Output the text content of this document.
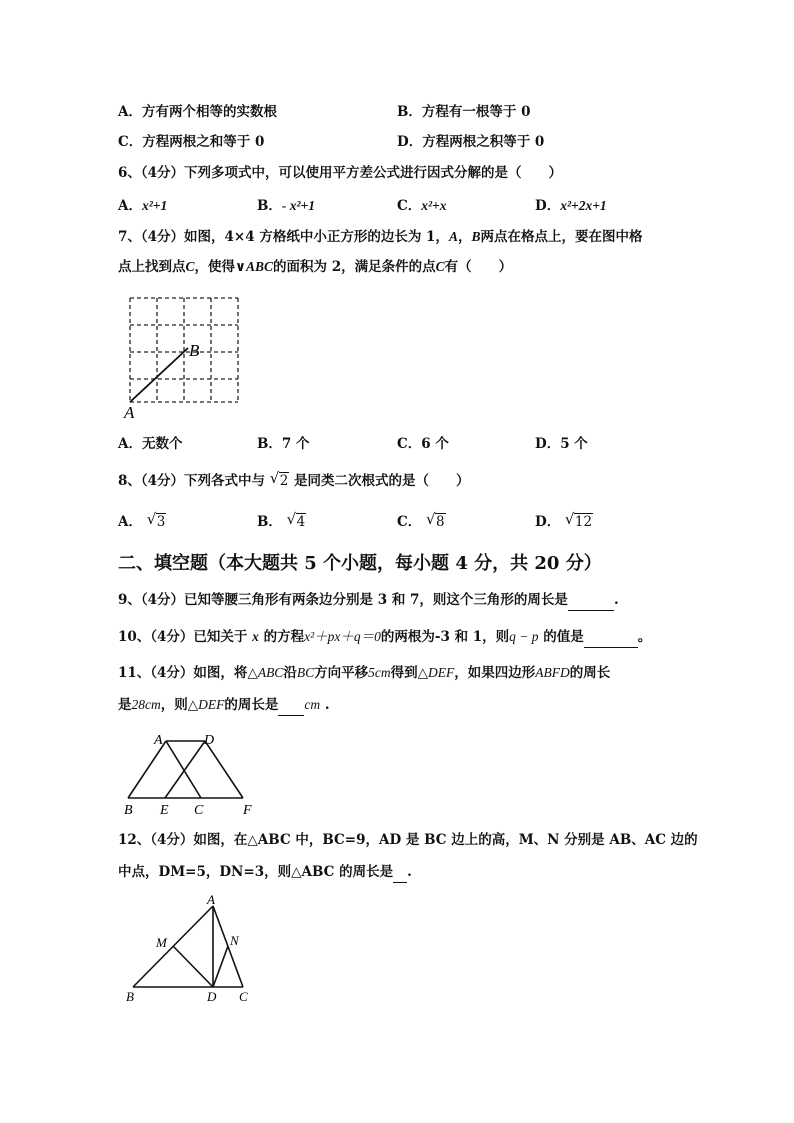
A．方有两个相等的实数根	B．方程有一根等于 0
C．方程两根之和等于 0	D．方程两根之积等于 0
6、（4分）下列多项式中，可以使用平方差公式进行因式分解的是（　　）
A．x²+1	B．- x²+1	C．x²+x	D．x²+2x+1
7、（4分）如图，4×4 方格纸中小正方形的边长为 1，A，B两点在格点上，要在图中格
点上找到点C，使得∨ABC的面积为 2，满足条件的点C有（　　）
A
B
A．无数个	B．7 个	C．6 个	D．5 个
8、（4分）下列各式中与 √ 2 是同类二次根式的是（　　）
A． √ 3	B． √ 4	C． √ 8	D． √ 12
二、填空题（本大题共 5 个小题，每小题 4 分，共 20 分）
9、（4分）已知等腰三角形有两条边分别是 3 和 7，则这个三角形的周长是	.
10、（4分）已知关于 x 的方程x²＋px＋q＝0的两根为-3 和 1，则q − p 的值是	。
11、（4分）如图，将△ABC沿BC方向平移5cm得到△DEF，如果四边形ABFD的周长
是28cm，则△DEF的周长是 cm .
A	D
B E C	F
12、（4分）如图，在△ABC 中，BC=9，AD 是 BC 边上的高，M、N 分别是 AB、AC 边的
中点，DM=5，DN=3，则△ABC 的周长是 .
A
M	N
B	D C
